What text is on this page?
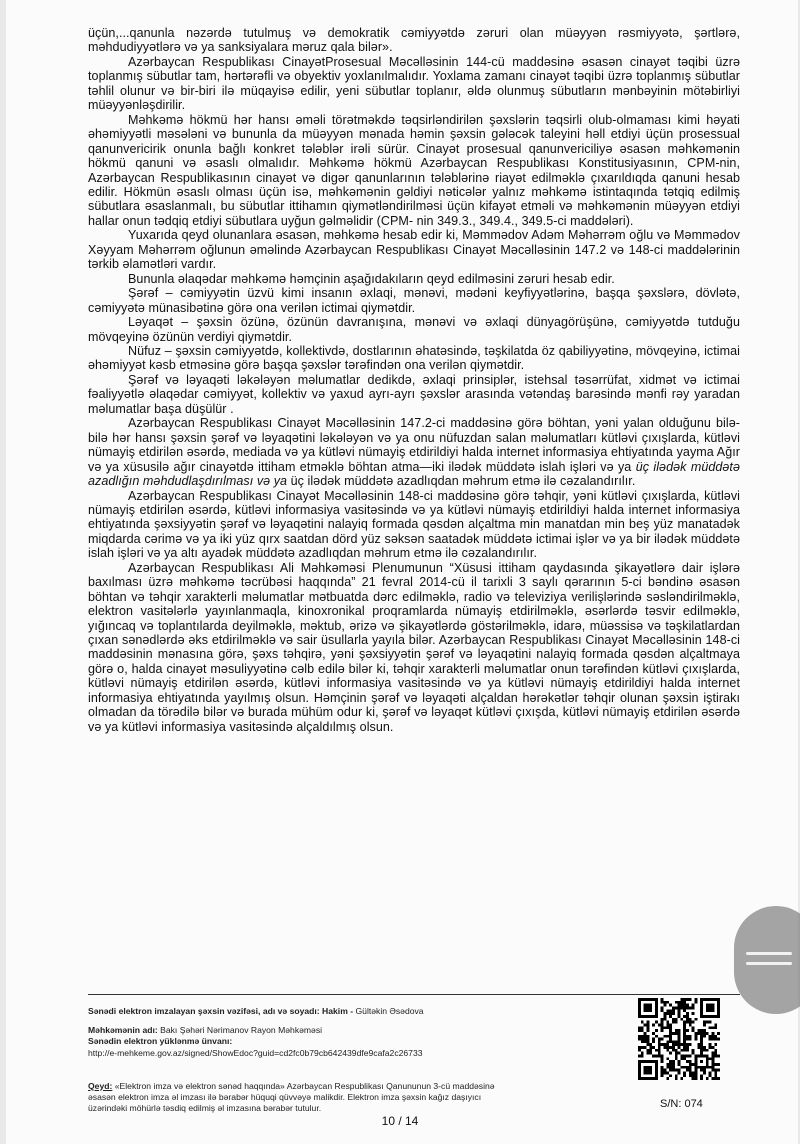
üçün,...qanunla nəzərdə tutulmuş və demokratik cəmiyyətdə zəruri olan müəyyən rəsmiyyətə, şərtlərə, məhdudiyyətlərə və ya sanksiyalara məruz qala bilər».

Azərbaycan Respublikası CinayətProsesual Məcəlləsinin 144-cü maddəsinə əsasən cinayət təqibi üzrə toplanmış sübutlar tam, hərtərəfli və obyektiv yoxlanılmalıdır. Yoxlama zamanı cinayət təqibi üzrə toplanmış sübutlar təhlil olunur və bir-biri ilə müqayisə edilir, yeni sübutlar toplanır, əldə olunmuş sübutların mənbəyinin mötəbirliyi müəyyənləşdirilir.

Məhkəmə hökmü hər hansı əməli törətməkdə təqsirləndirilən şəxslərin təqsirli olub-olmaması kimi həyati əhəmiyyətli məsələni və bununla da müəyyən mənada həmin şəxsin gələcək taleyini həll etdiyi üçün prosessual qanunvericirik onunla bağlı konkret tələblər irəli sürür. Cinayət prosesual qanunvericiliyə əsasən məhkəmənin hökmü qanuni və əsaslı olmalıdır. Məhkəmə hökmü Azərbaycan Respublikası Konstitusiyasının, CPM-nin, Azərbaycan Respublikasının cinayət və digər qanunlarının tələblərinə riayət edilməklə çıxarıldıqda qanuni hesab edilir. Hökmün əsaslı olması üçün isə, məhkəmənin gəldiyi nəticələr yalnız məhkəmə istintaqında tətqiq edilmiş sübutlara əsaslanmalı, bu sübutlar ittihamın qiymətləndirilməsi üçün kifayət etməli və məhkəmənin müəyyən etdiyi hallar onun tədqiq etdiyi sübutlara uyğun gəlməlidir (CPM- nin 349.3., 349.4., 349.5-ci maddələri).

Yuxarıda qeyd olunanlara əsasən, məhkəmə hesab edir ki, Məmmədov Adəm Məhərrəm oğlu və Məmmədov Xəyyam Məhərrəm oğlunun əməlində Azərbaycan Respublikası Cinayət Məcəlləsinin 147.2 və 148-ci maddələrinin tərkib əlamətləri vardır.

Bununla əlaqədar məhkəmə həmçinin aşağıdakıların qeyd edilməsini zəruri hesab edir.

Şərəf – cəmiyyətin üzvü kimi insanın əxlaqi, mənəvi, mədəni keyfiyyətlərinə, başqa şəxslərə, dövlətə, cəmiyyətə münasibətinə görə ona verilən ictimai qiymətdir.

Ləyaqət – şəxsin özünə, özünün davranışına, mənəvi və əxlaqi dünyagörüşünə, cəmiyyətdə tutduğu mövqeyinə özünün verdiyi qiymətdir.

Nüfuz – şəxsin cəmiyyətdə, kollektivdə, dostlarının əhatəsində, təşkilatda öz qabiliyyətinə, mövqeyinə, ictimai əhəmiyyət kəsb etməsinə görə başqa şəxslər tərəfindən ona verilən qiymətdir.

Şərəf və ləyaqəti ləkələyən məlumatlar dedikdə, əxlaqi prinsiplər, istehsal təsərrüfat, xidmət və ictimai fəaliyyətlə əlaqədar cəmiyyət, kollektiv və yaxud ayrı-ayrı şəxslər arasında vətəndaş barəsində mənfi rəy yaradan məlumatlar başa düşülür .

Azərbaycan Respublikası Cinayət Məcəlləsinin 147.2-ci maddəsinə görə böhtan, yəni yalan olduğunu bilə-bilə hər hansı şəxsin şərəf və ləyaqətini ləkələyən və ya onu nüfuzdan salan məlumatları kütləvi çıxışlarda, kütləvi nümayiş etdirilən əsərdə, mediada və ya kütləvi nümayiş etdirildiyi halda internet informasiya ehtiyatında yayma Ağır və ya xüsusilə ağır cinayətdə ittiham etməklə böhtan atma—iki ilədək müddətə islah işləri və ya üç ilədək müddətə azadlığın məhdudlaşdırılması və ya üç ilədək müddətə azadlıqdan məhrum etmə ilə cəzalandırılır.

Azərbaycan Respublikası Cinayət Məcəlləsinin 148-ci maddəsinə görə təhqir, yəni kütləvi çıxışlarda, kütləvi nümayiş etdirilən əsərdə, kütləvi informasiya vasitəsində və ya kütləvi nümayiş etdirildiyi halda internet informasiya ehtiyatında şəxsiyyətin şərəf və ləyaqətini nalayiq formada qəsdən alçaltma min manatdan min beş yüz manatadək miqdarda cərimə və ya iki yüz qırx saatdan dörd yüz səksən saatadək müddətə ictimai işlər və ya bir ilədək müddətə islah işləri və ya altı ayadək müddətə azadlıqdan məhrum etmə ilə cəzalandırılır.

Azərbaycan Respublikası Ali Məhkəməsi Plenumunun “Xüsusi ittiham qaydasında şikayətlərə dair işlərə baxılması üzrə məhkəmə təcrübəsi haqqında” 21 fevral 2014-cü il tarixli 3 saylı qərarının 5-ci bəndinə əsasən böhtan və təhqir xarakterli məlumatlar mətbuatda dərc edilməklə, radio və televiziya verilişlərində səsləndirilməklə, elektron vasitələrlə yayınlanmaqla, kinoxronikal proqramlarda nümayiş etdirilməklə, əsərlərdə təsvir edilməklə, yığıncaq və toplantılarda deyilməklə, məktub, ərizə və şikayətlərdə göstərilməklə, idarə, müəssisə və təşkilatlardan çıxan sənədlərdə əks etdirilməklə və sair üsullarla yayıla bilər. Azərbaycan Respublikası Cinayət Məcəlləsinin 148-ci maddəsinin mənasına görə, şəxs təhqirə, yəni şəxsiyyətin şərəf və ləyaqətini nalayiq formada qəsdən alçaltmaya görə o, halda cinayət məsuliyyətinə cəlb edilə bilər ki, təhqir xarakterli məlumatlar onun tərəfindən kütləvi çıxışlarda, kütləvi nümayiş etdirilən əsərdə, kütləvi informasiya vasitəsində və ya kütləvi nümayiş etdirildiyi halda internet informasiya ehtiyatında yayılmış olsun. Həmçinin şərəf və ləyaqəti alçaldan hərəkətlər təhqir olunan şəxsin iştirakı olmadan da törədilə bilər və burada mühüm odur ki, şərəf və ləyaqət kütləvi çıxışda, kütləvi nümayiş etdirilən əsərdə və ya kütləvi informasiya vasitəsində alçaldılmış olsun.

Sənədi elektron imzalayan şəxsin vəzifəsi, adı və soyadı: Hakim - Gültəkin Əsədova
Məhkəmənin adı: Bakı Şəhəri Nərimanov Rayon Məhkəməsi
Sənədin elektron yüklənmə ünvanı:
http://e-mehkeme.gov.az/signed/ShowEdoc?guid=cd2fc0b79cb642439dfe9cafa2c26733
Qeyd: «Elektron imza və elektron sənəd haqqında» Azərbaycan Respublikası Qanununun 3-cü maddəsinə
əsasən elektron imza əl imzası ilə bərabər hüquqi qüvvəyə malikdir. Elektron imza şəxsin kağız daşıyıcı
üzərindəki möhürlə təsdiq edilmiş əl imzasına bərabər tutulur.	S/N: 074
10 / 14
